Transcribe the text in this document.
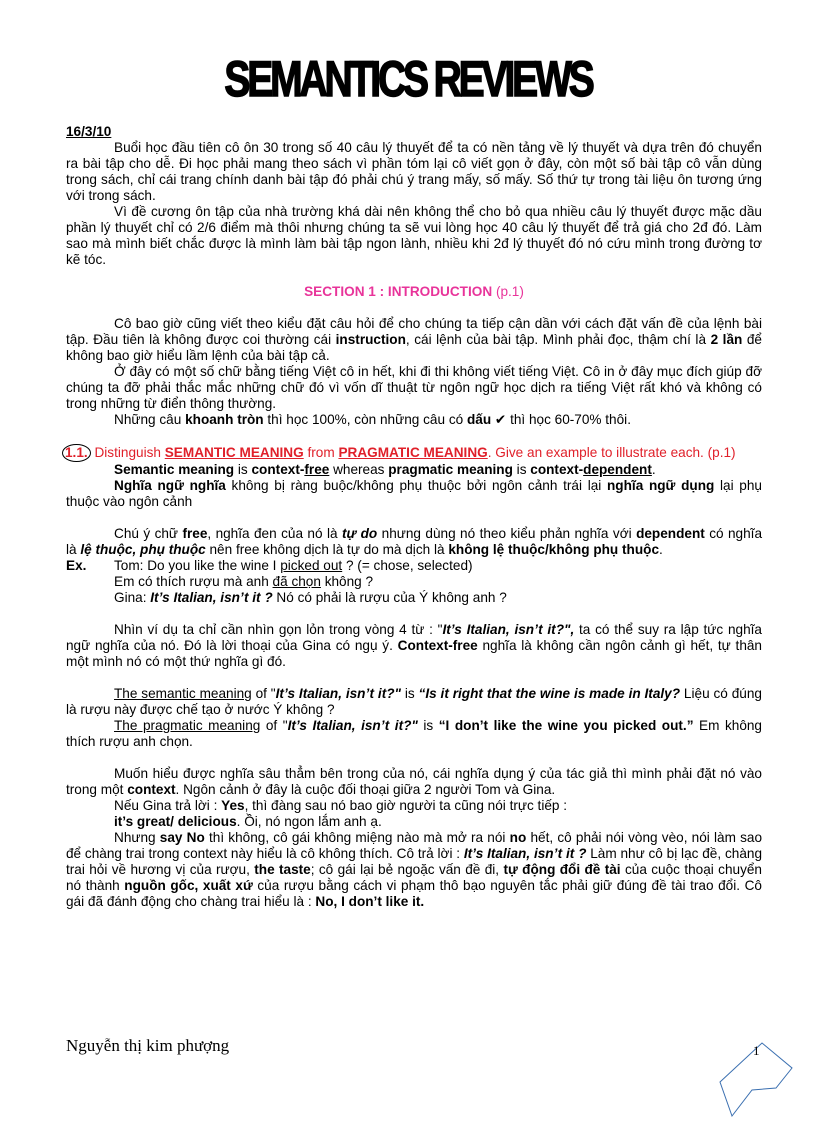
SEMANTICS REVIEWS

16/3/10

Buổi học đầu tiên cô ôn 30 trong số 40 câu lý thuyết để ta có nền tảng về lý thuyết và dựa trên đó chuyển ra bài tập cho dễ. Đi học phải mang theo sách vì phần tóm lại cô viết gọn ở đây, còn một số bài tập cô vẫn dùng trong sách, chỉ cái trang chính danh bài tập đó phải chú ý trang mấy, số mấy. Số thứ tự trong tài liệu ôn tương ứng với trong sách.

Vì đề cương ôn tập của nhà trường khá dài nên không thể cho bỏ qua nhiều câu lý thuyết được mặc dầu phần lý thuyết chỉ có 2/6 điểm mà thôi nhưng chúng ta sẽ vui lòng học 40 câu lý thuyết để trả giá cho 2đ đó. Làm sao mà mình biết chắc được là mình làm bài tập ngon lành, nhiều khi 2đ lý thuyết đó nó cứu mình trong đường tơ kẽ tóc.

SECTION 1 : INTRODUCTION (p.1)

Cô bao giờ cũng viết theo kiểu đặt câu hỏi để cho chúng ta tiếp cận dần với cách đặt vấn đề của lệnh bài tập. Đầu tiên là không được coi thường cái instruction, cái lệnh của bài tập. Mình phải đọc, thậm chí là 2 lần để không bao giờ hiểu lầm lệnh của bài tập cả.

Ở đây có một số chữ bằng tiếng Việt cô in hết, khi đi thi không viết tiếng Việt. Cô in ở đây mục đích giúp đỡ chúng ta đỡ phải thắc mắc những chữ đó vì vốn dĩ thuật từ ngôn ngữ học dịch ra tiếng Việt rất khó và không có trong những từ điển thông thường.

Những câu khoanh tròn thì học 100%, còn những câu có dấu ✔ thì học 60-70% thôi.

1.1. Distinguish SEMANTIC MEANING from PRAGMATIC MEANING. Give an example to illustrate each. (p.1)

Semantic meaning is context-free whereas pragmatic meaning is context-dependent.

Nghĩa ngữ nghĩa không bị ràng buộc/không phụ thuộc bởi ngôn cảnh trái lại nghĩa ngữ dụng lại phụ thuộc vào ngôn cảnh

Chú ý chữ free, nghĩa đen của nó là tự do nhưng dùng nó theo kiểu phản nghĩa với dependent có nghĩa là lệ thuộc, phụ thuộc nên free không dịch là tự do mà dịch là không lệ thuộc/không phụ thuộc.

Ex.	Tom: Do you like the wine I picked out ? (= chose, selected)

Em có thích rượu mà anh đã chọn không ?

Gina: It’s Italian, isn’t it ? Nó có phải là rượu của Ý không anh ?

Nhìn ví dụ ta chỉ cần nhìn gọn lỏn trong vòng 4 từ : "It’s Italian, isn’t it?", ta có thể suy ra lập tức nghĩa ngữ nghĩa của nó. Đó là lời thoại của Gina có ngụ ý. Context-free nghĩa là không cần ngôn cảnh gì hết, tự thân một mình nó có một thứ nghĩa gì đó.

The semantic meaning of "It’s Italian, isn’t it?" is “Is it right that the wine is made in Italy? Liệu có đúng là rượu này được chế tạo ở nước Ý không ?

The pragmatic meaning of "It’s Italian, isn’t it?" is “I don’t like the wine you picked out.” Em không thích rượu anh chọn.

Muốn hiểu được nghĩa sâu thẳm bên trong của nó, cái nghĩa dụng ý của tác giả thì mình phải đặt nó vào trong một context. Ngôn cảnh ở đây là cuộc đối thoại giữa 2 người Tom và Gina.

Nếu Gina trả lời : Yes, thì đàng sau nó bao giờ người ta cũng nói trực tiếp :

it’s great/ delicious. Ồi, nó ngon lắm anh ạ.

Nhưng say No thì không, cô gái không miệng nào mà mở ra nói no hết, cô phải nói vòng vèo, nói làm sao để chàng trai trong context này hiểu là cô không thích. Cô trả lời : It’s Italian, isn’t it ? Làm như cô bị lạc đề, chàng trai hỏi về hương vị của rượu, the taste; cô gái lại bẻ ngoặc vấn đề đi, tự động đổi đề tài của cuộc thoại chuyển nó thành nguồn gốc, xuất xứ của rượu bằng cách vi phạm thô bạo nguyên tắc phải giữ đúng đề tài trao đổi. Cô gái đã đánh động cho chàng trai hiểu là : No, I don’t like it.

Nguyễn thị kim phượng	1
